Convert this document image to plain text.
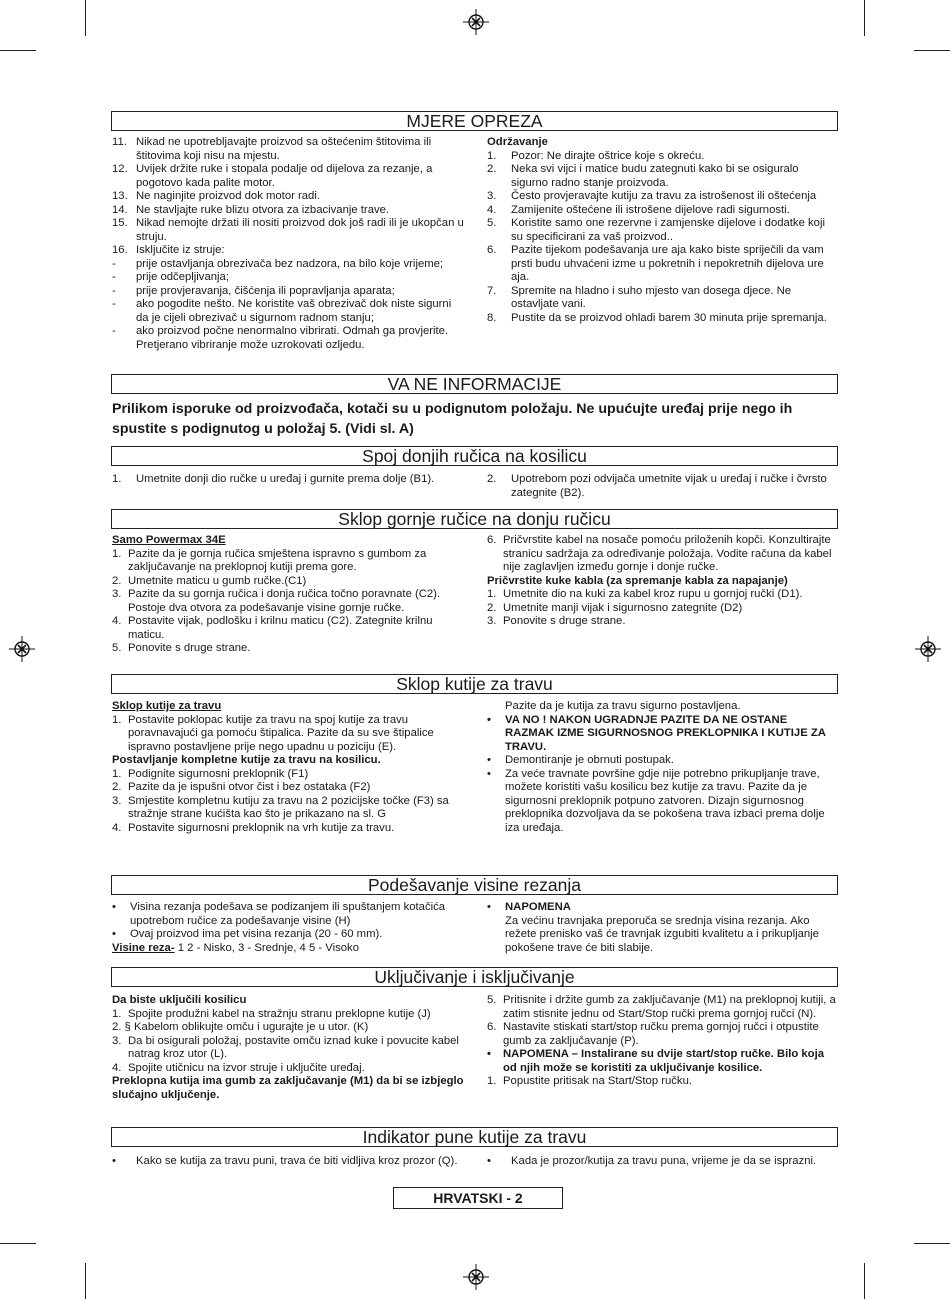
MJERE OPREZA
11. Nikad ne upotrebljavajte proizvod sa oštećenim štitovima ili štitovima koji nisu na mjestu.
12. Uvijek držite ruke i stopala podalje od dijelova za rezanje, a pogotovo kada palite motor.
13. Ne naginjite proizvod dok motor radi.
14. Ne stavljajte ruke blizu otvora za izbacivanje trave.
15. Nikad nemojte držati ili nositi proizvod dok još radi ili je ukopčan u struju.
16. Isključite iz struje:
-	prije ostavljanja obrezivača bez nadzora, na bilo koje vrijeme;
-	prije odčepljivanja;
-	prije provjeravanja, čišćenja ili popravljanja aparata;
-	ako pogodite nešto. Ne koristite vaš obrezivač dok niste sigurni da je cijeli obrezivač u sigurnom radnom stanju;
-	ako proizvod počne nenormalno vibrirati. Odmah ga provjerite. Pretjerano vibriranje može uzrokovati ozljedu.
Održavanje
1.	Pozor: Ne dirajte oštrice koje s okreću.
2.	Neka svi vijci i matice budu zategnuti kako bi se osiguralo sigurno radno stanje proizvoda.
3.	Često provjeravajte kutiju za travu za istrošenost ili oštećenja
4.	Zamijenite oštećene ili istrošene dijelove radi sigurnosti.
5.	Koristite samo one rezervne i zamjenske dijelove i dodatke koji su specificirani za vaš proizvod..
6.	Pazite tijekom podešavanja ure aja kako biste spriječili da vam prsti budu uhvaćeni izme u pokretnih i nepokretnih dijelova ure aja.
7.	Spremite na hladno i suho mjesto van dosega djece. Ne ostavljate vani.
8.	Pustite da se proizvod ohladi barem 30 minuta prije spremanja.
VA NE INFORMACIJE
Prilikom isporuke od proizvođača, kotači su u podignutom položaju. Ne upućujte uređaj prije nego ih spustite s podignutog u položaj 5. (Vidi sl. A)
Spoj donjih ručica na kosilicu
1.	Umetnite donji dio ručke u uređaj i gurnite prema dolje (B1).	2.	Upotrebom pozi odvijača umetnite vijak u uređaj i ručke i čvrsto zategnite (B2).
Sklop gornje ručice na donju ručicu
Samo Powermax 34E
1. Pazite da je gornja ručica smještena ispravno s gumbom za zaključavanje na preklopnoj kutiji prema gore.
2. Umetnite maticu u gumb ručke.(C1)
3. Pazite da su gornja ručica i donja ručica točno poravnate (C2). Postoje dva otvora za podešavanje visine gornje ručke.
4. Postavite vijak, podlošku i krilnu maticu (C2). Zategnite krilnu maticu.
5. Ponovite s druge strane.
6. Pričvrstite kabel na nosače pomoću priloženih kopči. Konzultirajte stranicu sadržaja za određivanje položaja. Vodite računa da kabel nije zaglavljen između gornje i donje ručke.
Pričvrstite kuke kabla (za spremanje kabla za napajanje)
1. Umetnite dio na kuki za kabel kroz rupu u gornjoj ručki (D1).
2. Umetnite manji vijak i sigurnosno zategnite (D2)
3. Ponovite s druge strane.
Sklop kutije za travu
Sklop kutije za travu
1. Postavite poklopac kutije za travu na spoj kutije za travu poravnavajući ga pomoću štipalica. Pazite da su sve štipalice ispravno postavljene prije nego upadnu u poziciju (E).
Postavljanje kompletne kutije za travu na kosilicu.
1. Podignite sigurnosni preklopnik (F1)
2. Pazite da je ispušni otvor čist i bez ostataka (F2)
3. Smjestite kompletnu kutiju za travu na 2 pozicijske točke (F3) sa stražnje strane kućišta kao što je prikazano na sl. G
4. Postavite sigurnosni preklopnik na vrh kutije za travu.
Pazite da je kutija za travu sigurno postavljena.
•	VA NO ! NAKON UGRADNJE PAZITE DA NE OSTANE RAZMAK IZME SIGURNOSNOG PREKLOPNIKA I KUTIJE ZA TRAVU.
•	Demontiranje je obrnuti postupak.
•	Za veće travnate površine gdje nije potrebno prikupljanje trave, možete koristiti vašu kosilicu bez kutije za travu. Pazite da je sigurnosni preklopnik potpuno zatvoren. Dizajn sigurnosnog preklopnika dozvoljava da se pokošena trava izbaci prema dolje iza uređaja.
Podešavanje visine rezanja
•	Visina rezanja podešava se podizanjem ili spuštanjem kotačića upotrebom ručice za podešavanje visine (H)
•	Ovaj proizvod ima pet visina rezanja (20 - 60 mm).
Visine reza- 1 2 - Nisko, 3 - Srednje, 4 5 - Visoko
•	NAPOMENA
Za većinu travnjaka preporuča se srednja visina rezanja. Ako režete prenisko vaš će travnjak izgubiti kvalitetu a i prikupljanje pokošene trave će biti slabije.
Uključivanje i isključivanje
Da biste uključili kosilicu
1. Spojite produžni kabel na stražnju stranu preklopne kutije (J)
2. § Kabelom oblikujte omču i ugurajte je u utor. (K)
3. Da bi osigurali položaj, postavite omču iznad kuke i povucite kabel natrag kroz utor (L).
4. Spojite utičnicu na izvor struje i uključite uređaj.
Preklopna kutija ima gumb za zaključavanje (M1) da bi se izbjeglo slučajno uključenje.
5. Pritisnite i držite gumb za zaključavanje (M1) na preklopnoj kutiji, a zatim stisnite jednu od Start/Stop ručki prema gornjoj ručci (N).
6. Nastavite stiskati start/stop ručku prema gornjoj ručci i otpustite gumb za zaključavanje (P).
•	NAPOMENA – Instalirane su dvije start/stop ručke. Bilo koja od njih može se koristiti za uključivanje kosilice.
1. Popustite pritisak na Start/Stop ručku.
Indikator pune kutije za travu
•	Kako se kutija za travu puni, trava će biti vidljiva kroz prozor (Q).	•	Kada je prozor/kutija za travu puna, vrijeme je da se isprazni.
HRVATSKI - 2
